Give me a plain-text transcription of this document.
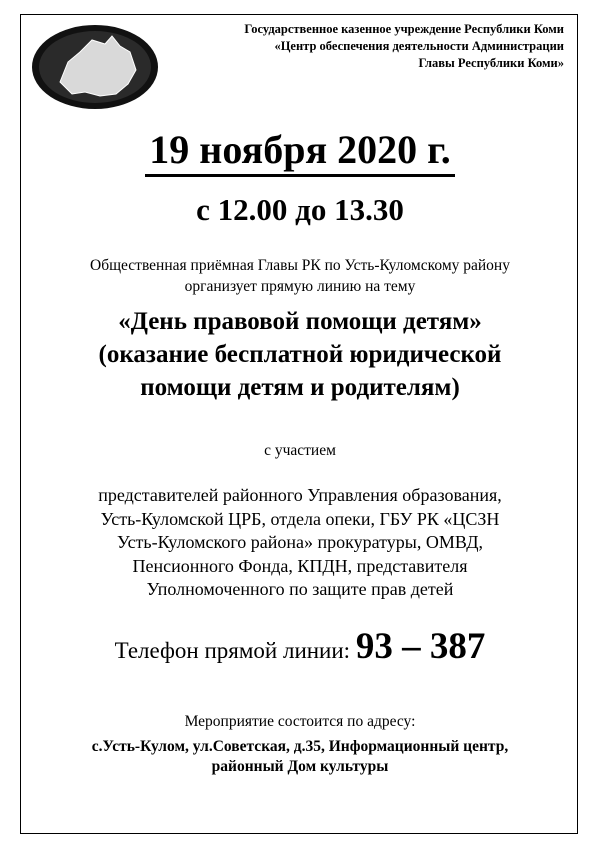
Государственное казенное учреждение Республики Коми
«Центр обеспечения деятельности Администрации
Главы Республики Коми»
19 ноября 2020 г.
с 12.00 до 13.30
Общественная приёмная Главы РК по Усть-Куломскому району
организует прямую линию на тему
«День правовой помощи детям»
(оказание бесплатной юридической
помощи детям и родителям)
с участием
представителей районного Управления образования,
Усть-Куломской ЦРБ, отдела опеки, ГБУ РК «ЦСЗН
Усть-Куломского района» прокуратуры, ОМВД,
Пенсионного Фонда, КПДН, представителя
Уполномоченного по защите прав детей
Телефон прямой линии: 93 – 387
Мероприятие состоится по адресу:
с.Усть-Кулом, ул.Советская, д.35, Информационный центр,
районный Дом культуры
